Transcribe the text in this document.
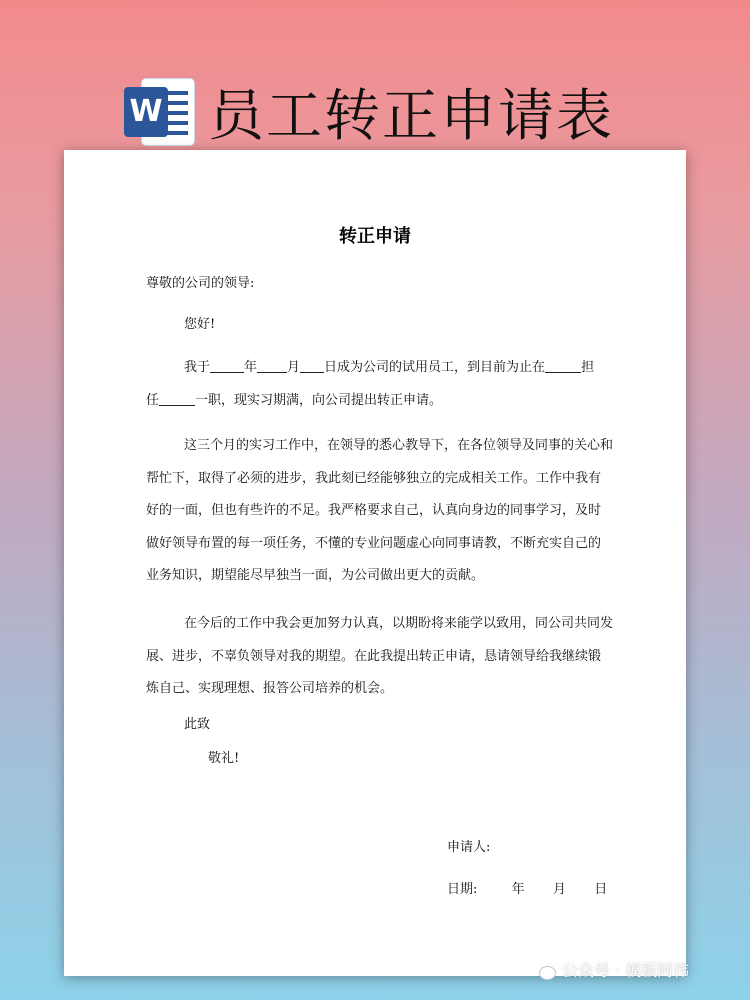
W 员工转正申请表
转正申请
尊敬的公司的领导:
您好!
我于	年 月 日成为公司的试用员工，到目前为止在	担
任	一职，现实习期满，向公司提出转正申请。
这三个月的实习工作中，在领导的悉心教导下，在各位领导及同事的关心和
帮忙下，取得了必须的进步，我此刻已经能够独立的完成相关工作。工作中我有
好的一面，但也有些许的不足。我严格要求自己，认真向身边的同事学习，及时
做好领导布置的每一项任务，不懂的专业问题虚心向同事请教，不断充实自己的
业务知识，期望能尽早独当一面，为公司做出更大的贡献。
在今后的工作中我会更加努力认真，以期盼将来能学以致用，同公司共同发
展、进步，不辜负领导对我的期望。在此我提出转正申请，恳请领导给我继续锻
炼自己、实现理想、报答公司培养的机会。
此致
敬礼!
申请人:
日期:	年 月 日
公众号 · 模板阿伟
